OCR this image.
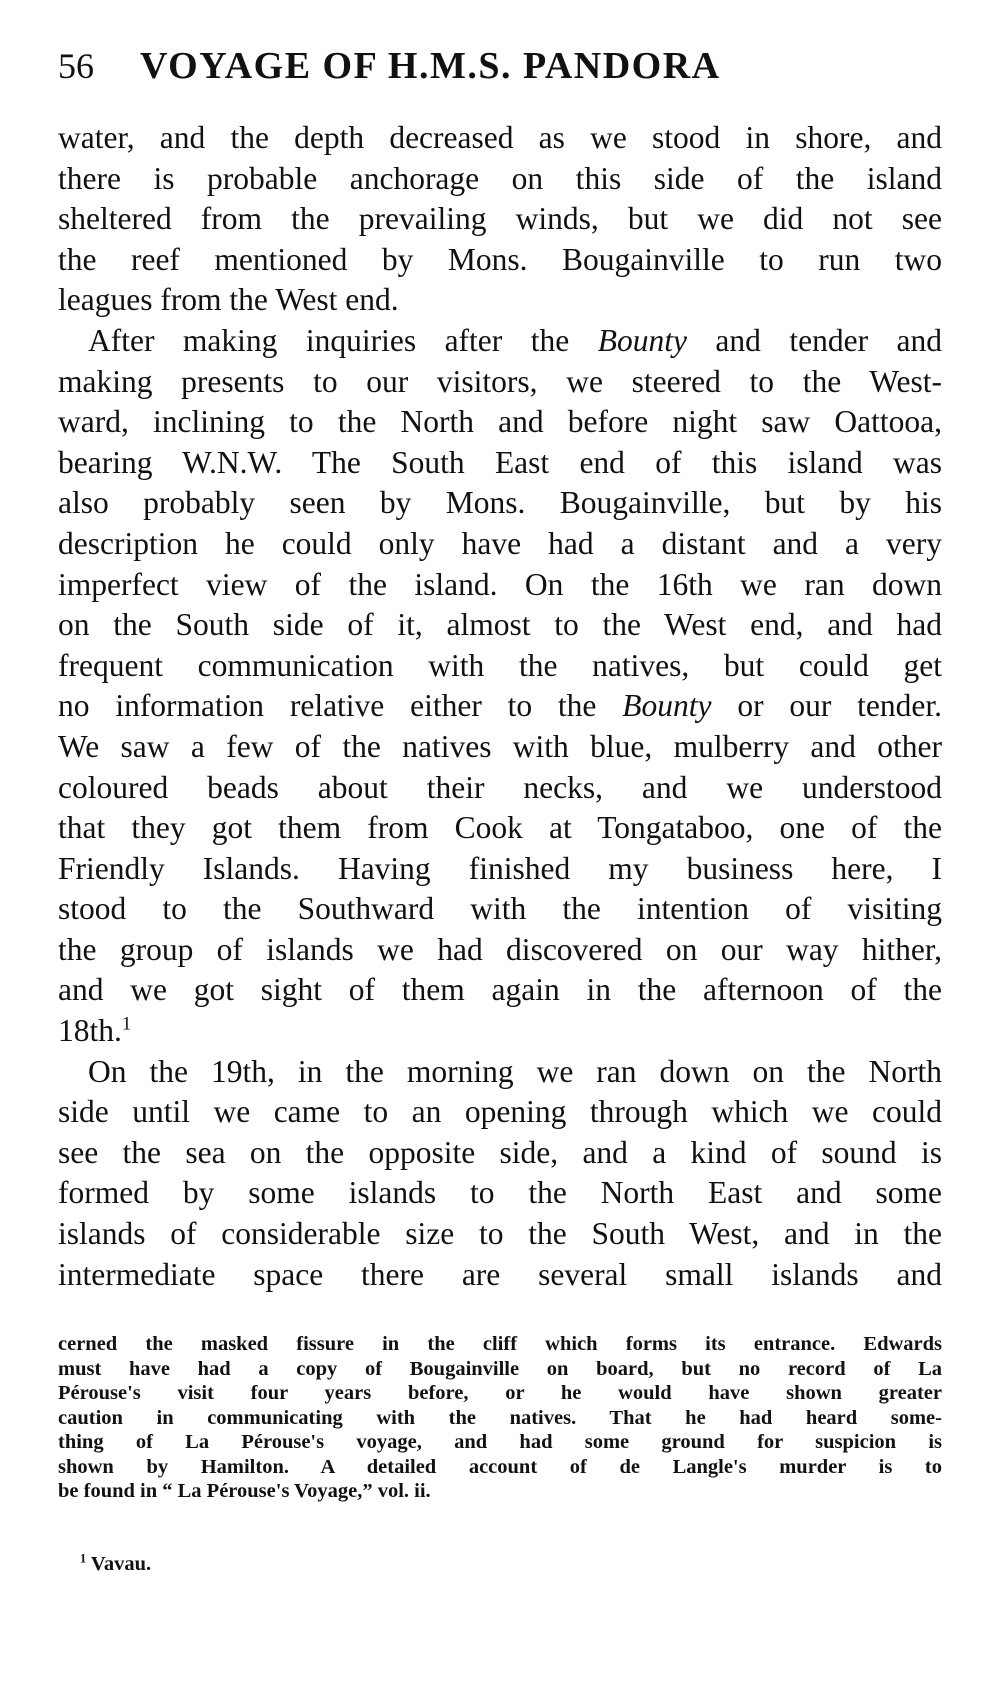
56 VOYAGE OF H.M.S. PANDORA
water, and the depth decreased as we stood in shore, and
there is probable anchorage on this side of the island
sheltered from the prevailing winds, but we did not see
the reef mentioned by Mons. Bougainville to run two
leagues from the West end.
After making inquiries after the Bounty and tender and
making presents to our visitors, we steered to the West-
ward, inclining to the North and before night saw Oattooa,
bearing W.N.W. The South East end of this island was
also probably seen by Mons. Bougainville, but by his
description he could only have had a distant and a very
imperfect view of the island. On the 16th we ran down
on the South side of it, almost to the West end, and had
frequent communication with the natives, but could get
no information relative either to the Bounty or our tender.
We saw a few of the natives with blue, mulberry and other
coloured beads about their necks, and we understood
that they got them from Cook at Tongataboo, one of the
Friendly Islands. Having finished my business here, I
stood to the Southward with the intention of visiting
the group of islands we had discovered on our way hither,
and we got sight of them again in the afternoon of the
18th.$^1$
On the 19th, in the morning we ran down on the North
side until we came to an opening through which we could
see the sea on the opposite side, and a kind of sound is
formed by some islands to the North East and some
islands of considerable size to the South West, and in the
intermediate space there are several small islands and
cerned the masked fissure in the cliff which forms its entrance. Edwards
must have had a copy of Bougainville on board, but no record of La
Pérouse's visit four years before, or he would have shown greater
caution in communicating with the natives. That he had heard some-
thing of La Pérouse's voyage, and had some ground for suspicion is
shown by Hamilton. A detailed account of de Langle's murder is to
be found in “ La Pérouse's Voyage,” vol. ii.
$^1$ Vavau.
